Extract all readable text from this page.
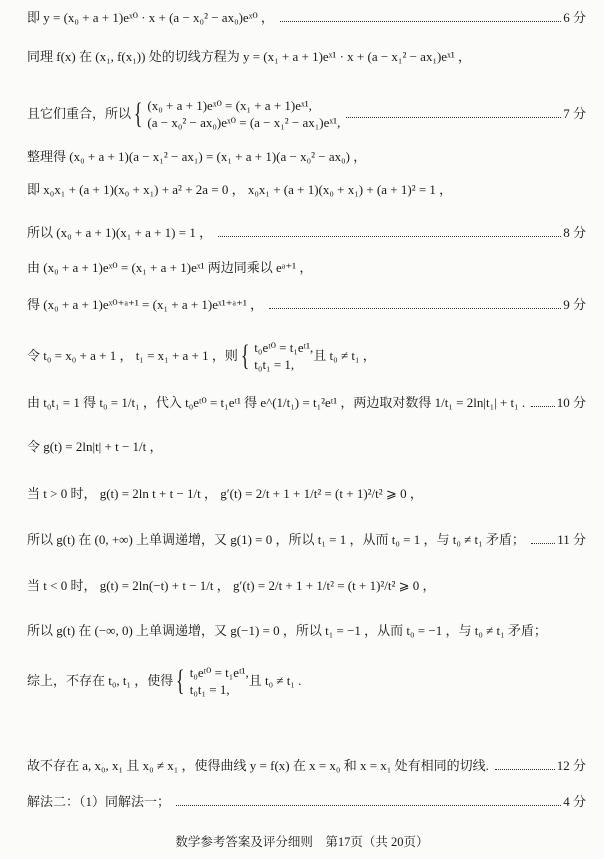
即 y = (x₀ + a + 1)eˣ⁰ · x + (a − x₀² − ax₀)eˣ⁰ ，	6 分
同理 f(x) 在 (x₁, f(x₁)) 处的切线方程为 y = (x₁ + a + 1)eˣ¹ · x + (a − x₁² − ax₁)eˣ¹ ，
且它们重合，所以 { (x₀ + a + 1)eˣ⁰ = (x₁ + a + 1)eˣ¹,
(a − x₀² − ax₀)eˣ⁰ = (a − x₁² − ax₁)eˣ¹,
7 分
整理得 (x₀ + a + 1)(a − x₁² − ax₁) = (x₁ + a + 1)(a − x₀² − ax₀) ，
即 x₀x₁ + (a + 1)(x₀ + x₁) + a² + 2a = 0 ， x₀x₁ + (a + 1)(x₀ + x₁) + (a + 1)² = 1 ，
所以 (x₀ + a + 1)(x₁ + a + 1) = 1 ，	8 分
由 (x₀ + a + 1)eˣ⁰ = (x₁ + a + 1)eˣ¹ 两边同乘以 eᵃ⁺¹ ，
得 (x₀ + a + 1)eˣ⁰⁺ᵃ⁺¹ = (x₁ + a + 1)eˣ¹⁺ᵃ⁺¹ ，	9 分
令 t₀ = x₀ + a + 1 ， t₁ = x₁ + a + 1 ，则 { t₀eᵗ⁰ = t₁eᵗ¹,
t₀t₁ = 1,
且 t₀ ≠ t₁ ，
由 t₀t₁ = 1 得 t₀ = 1/t₁ ，代入 t₀eᵗ⁰ = t₁eᵗ¹ 得 e^(1/t₁) = t₁²eᵗ¹ ，两边取对数得 1/t₁ = 2ln|t₁| + t₁ . 10 分
令 g(t) = 2ln|t| + t − 1/t ，
当 t > 0 时， g(t) = 2ln t + t − 1/t ， g′(t) = 2/t + 1 + 1/t² = (t + 1)²/t² ⩾ 0 ，
所以 g(t) 在 (0, +∞) 上单调递增，又 g(1) = 0 ，所以 t₁ = 1 ，从而 t₀ = 1 ，与 t₀ ≠ t₁ 矛盾； 11 分
当 t < 0 时， g(t) = 2ln(−t) + t − 1/t ， g′(t) = 2/t + 1 + 1/t² = (t + 1)²/t² ⩾ 0 ，
所以 g(t) 在 (−∞, 0) 上单调递增，又 g(−1) = 0 ，所以 t₁ = −1 ，从而 t₀ = −1 ，与 t₀ ≠ t₁ 矛盾；
综上，不存在 t₀, t₁ ，使得 { t₀eᵗ⁰ = t₁eᵗ¹,
t₀t₁ = 1,
且 t₀ ≠ t₁ .
故不存在 a, x₀, x₁ 且 x₀ ≠ x₁ ，使得曲线 y = f(x) 在 x = x₀ 和 x = x₁ 处有相同的切线.	12 分
解法二：（1）同解法一；	4 分
数学参考答案及评分细则　第17页（共 20页）
